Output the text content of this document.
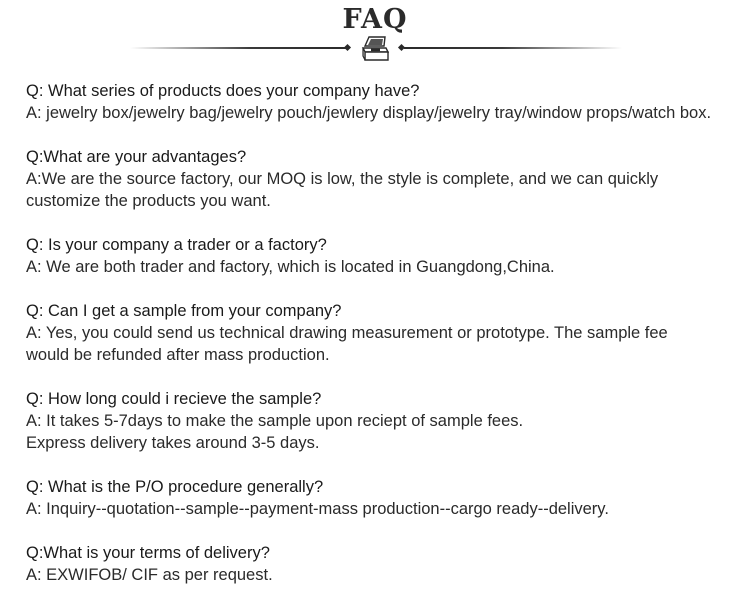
FAQ

Q: What series of products does your company have?

A: jewelry box/jewelry bag/jewelry pouch/jewlery display/jewelry tray/window props/watch box.

Q:What are your advantages?

A:We are the source factory, our MOQ is low, the style is complete, and we can quickly
customize the products you want.

Q: Is your company a trader or a factory?

A: We are both trader and factory, which is located in Guangdong,China.

Q: Can I get a sample from your company?

A: Yes, you could send us technical drawing measurement or prototype. The sample fee
would be refunded after mass production.

Q: How long could i recieve the sample?

A: It takes 5-7days to make the sample upon reciept of sample fees.
Express delivery takes around 3-5 days.

Q: What is the P/O procedure generally?

A: Inquiry--quotation--sample--payment-mass production--cargo ready--delivery.

Q:What is your terms of delivery?

A: EXWIFOB/ CIF as per request.
